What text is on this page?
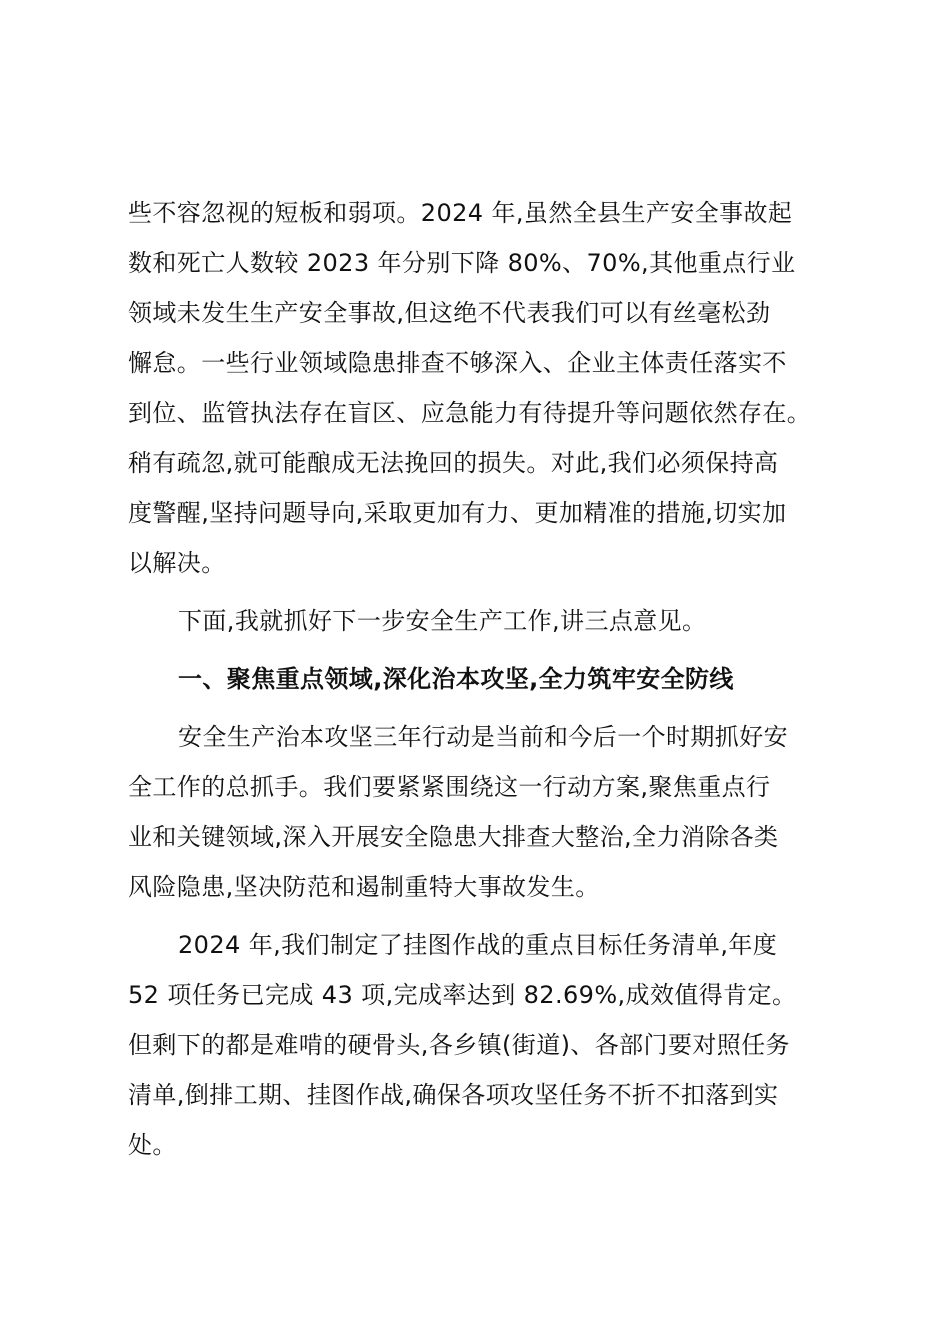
些不容忽视的短板和弱项。2024 年,虽然全县生产安全事故起
数和死亡人数较 2023 年分别下降 80%、70%,其他重点行业
领域未发生生产安全事故,但这绝不代表我们可以有丝毫松劲
懈怠。一些行业领域隐患排查不够深入、企业主体责任落实不
到位、监管执法存在盲区、应急能力有待提升等问题依然存在。
稍有疏忽,就可能酿成无法挽回的损失。对此,我们必须保持高
度警醒,坚持问题导向,采取更加有力、更加精准的措施,切实加
以解决。

下面,我就抓好下一步安全生产工作,讲三点意见。

一、聚焦重点领域,深化治本攻坚,全力筑牢安全防线

安全生产治本攻坚三年行动是当前和今后一个时期抓好安
全工作的总抓手。我们要紧紧围绕这一行动方案,聚焦重点行
业和关键领域,深入开展安全隐患大排查大整治,全力消除各类
风险隐患,坚决防范和遏制重特大事故发生。

2024 年,我们制定了挂图作战的重点目标任务清单,年度
52 项任务已完成 43 项,完成率达到 82.69%,成效值得肯定。
但剩下的都是难啃的硬骨头,各乡镇(街道)、各部门要对照任务
清单,倒排工期、挂图作战,确保各项攻坚任务不折不扣落到实
处。
